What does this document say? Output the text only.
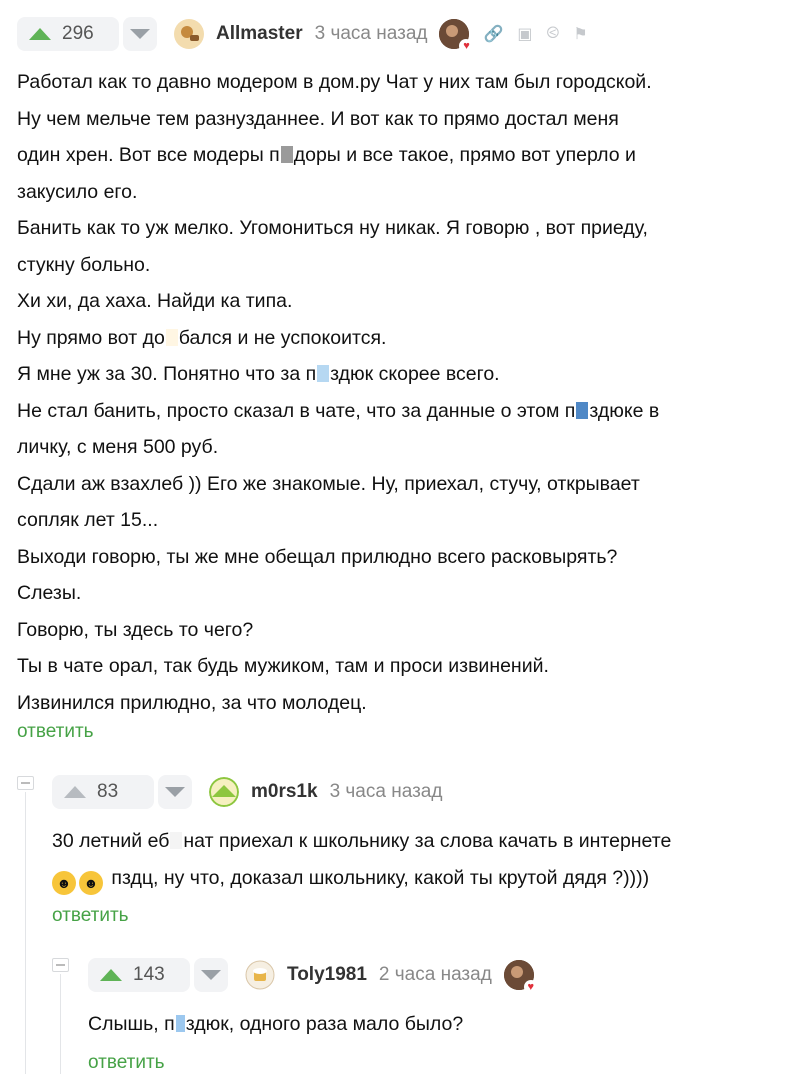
296	Allmaster 3 часа назад
♥
🔗 ▣ ⧀ ⚑

Работал как то давно модером в дом.ру Чат у них там был городской.

Ну чем мельче тем разнузданнее. И вот как то прямо достал меня

один хрен. Вот все модеры п доры и все такое, прямо вот уперло и

закусило его.

Банить как то уж мелко. Угомониться ну никак. Я говорю , вот приеду,

стукну больно.

Хи хи, да хаха. Найди ка типа.

Ну прямо вот до бался и не успокоится.

Я мне уж за 30. Понятно что за п здюк скорее всего.

Не стал банить, просто сказал в чате, что за данные о этом п здюке в

личку, с меня 500 руб.

Сдали аж взахлеб )) Его же знакомые. Ну, приехал, стучу, открывает

сопляк лет 15...

Выходи говорю, ты же мне обещал прилюдно всего расковырять?

Слезы.

Говорю, ты здесь то чего?

Ты в чате орал, так будь мужиком, там и проси извинений.

Извинился прилюдно, за что молодец.

ответить
83	m0rs1k 3 часа назад

30 летний еб нат приехал к школьнику за слова качать в интернете

☻ ☻ пздц, ну что, доказал школьнику, какой ты крутой дядя ?))))

ответить
143	Toly1981 2 часа назад
♥

Слышь, п здюк, одного раза мало было?

ответить
